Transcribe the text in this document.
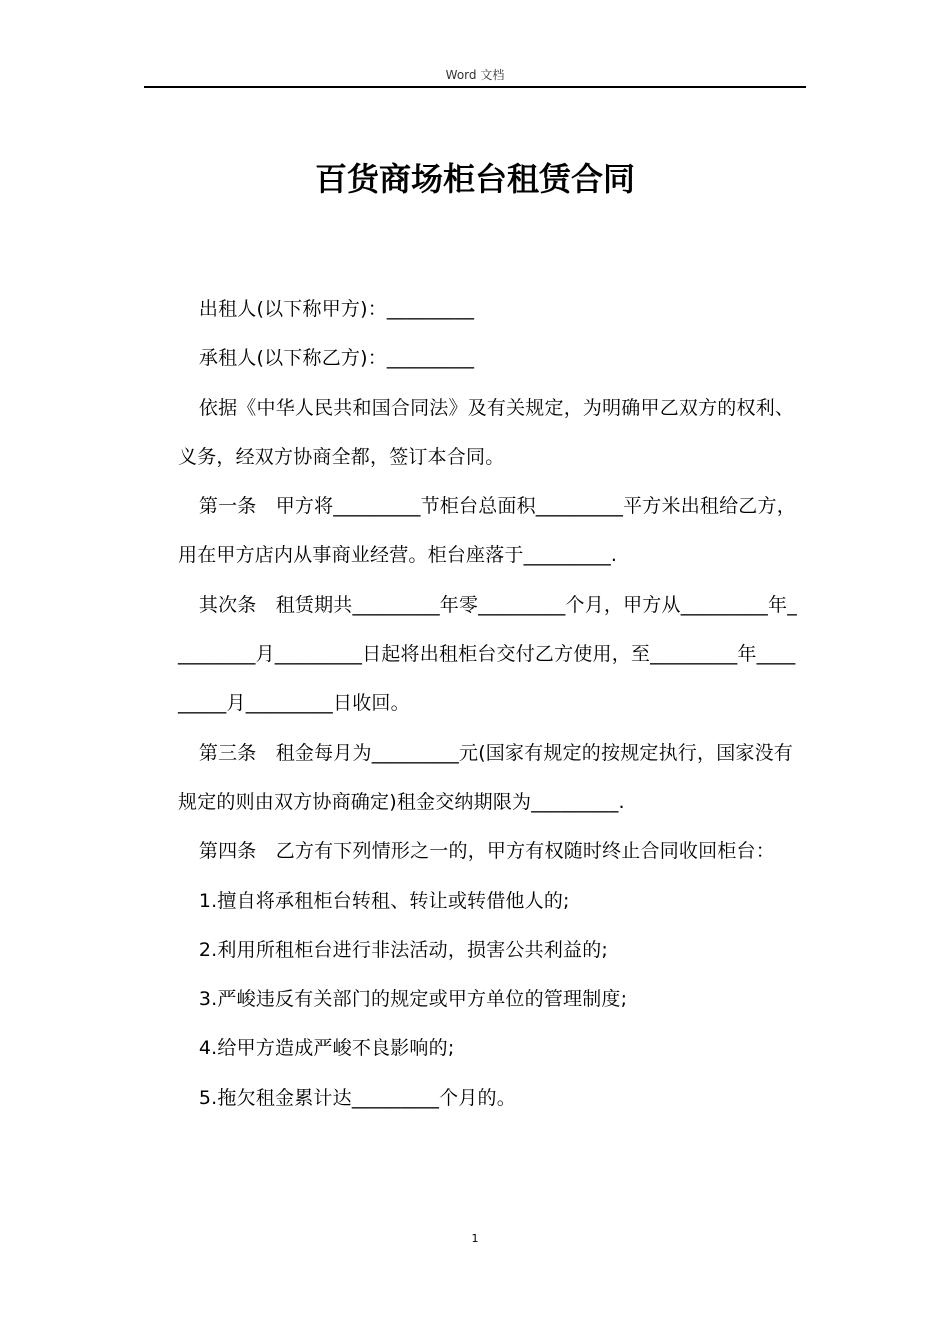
Word 文档
百货商场柜台租赁合同

出租人(以下称甲方)：_________

承租人(以下称乙方)：_________

依据《中华人民共和国合同法》及有关规定，为明确甲乙双方的权利、义务，经双方协商全都，签订本合同。

第一条　甲方将_________节柜台总面积_________平方米出租给乙方，用在甲方店内从事商业经营。柜台座落于_________.

其次条　租赁期共_________年零_________个月，甲方从_________年_________月_________日起将出租柜台交付乙方使用，至_________年_________月_________日收回。

第三条　租金每月为_________元(国家有规定的按规定执行，国家没有规定的则由双方协商确定)租金交纳期限为_________.

第四条　乙方有下列情形之一的，甲方有权随时终止合同收回柜台：

1.擅自将承租柜台转租、转让或转借他人的;

2.利用所租柜台进行非法活动，损害公共利益的;

3.严峻违反有关部门的规定或甲方单位的管理制度;

4.给甲方造成严峻不良影响的;

5.拖欠租金累计达_________个月的。

1
